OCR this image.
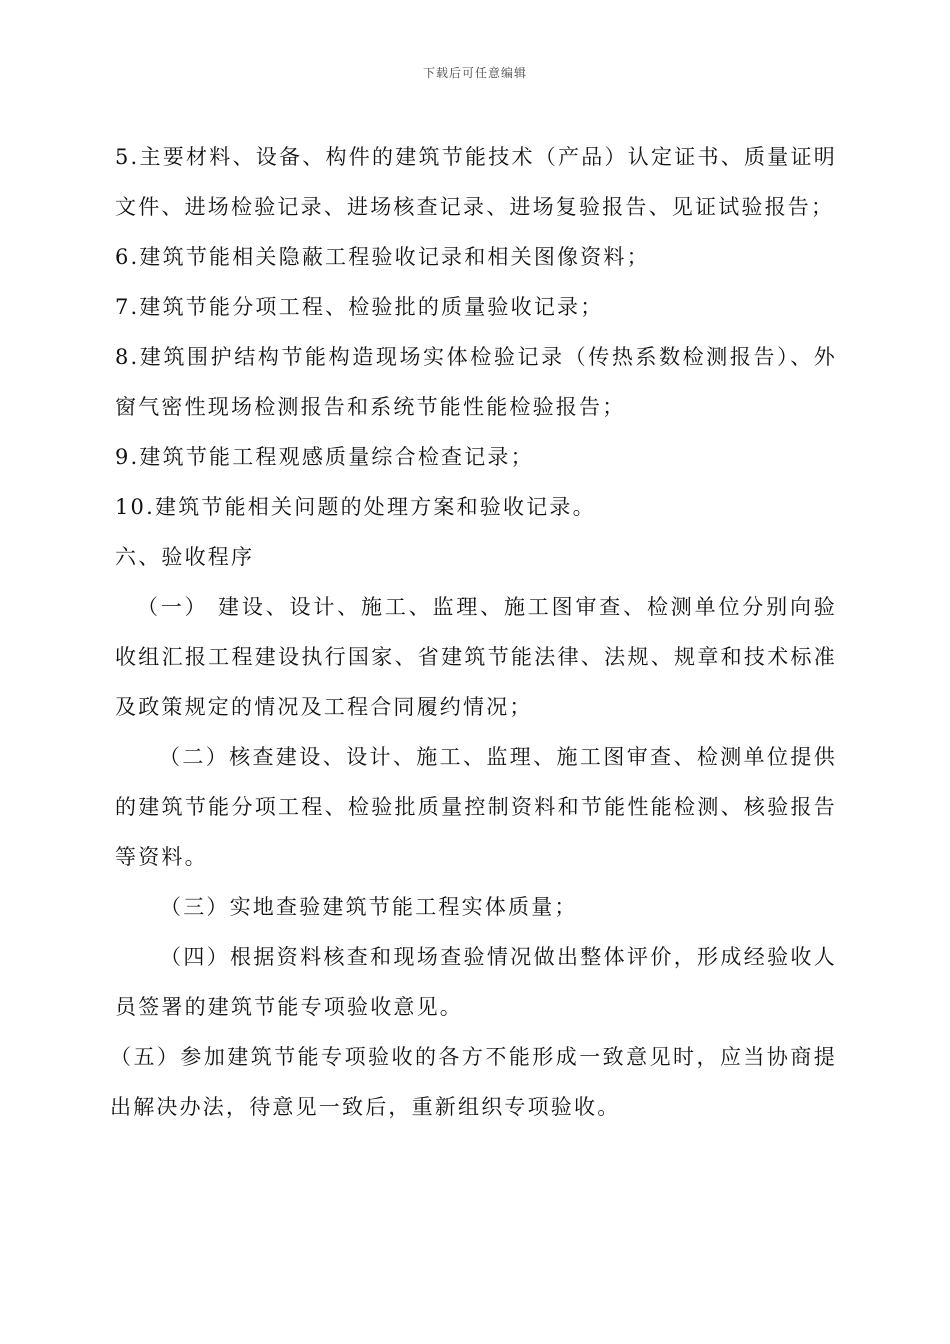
下载后可任意编辑

5.主要材料、设备、构件的建筑节能技术（产品）认定证书、质量证明文件、进场检验记录、进场核查记录、进场复验报告、见证试验报告；

6.建筑节能相关隐蔽工程验收记录和相关图像资料；

7.建筑节能分项工程、检验批的质量验收记录；

8.建筑围护结构节能构造现场实体检验记录（传热系数检测报告）、外窗气密性现场检测报告和系统节能性能检验报告；

9.建筑节能工程观感质量综合检查记录；

10.建筑节能相关问题的处理方案和验收记录。

六、验收程序

（一） 建设、设计、施工、监理、施工图审查、检测单位分别向验收组汇报工程建设执行国家、省建筑节能法律、法规、规章和技术标准及政策规定的情况及工程合同履约情况；

（二）核查建设、设计、施工、监理、施工图审查、检测单位提供的建筑节能分项工程、检验批质量控制资料和节能性能检测、核验报告等资料。

（三）实地查验建筑节能工程实体质量；

（四）根据资料核查和现场查验情况做出整体评价，形成经验收人员签署的建筑节能专项验收意见。

（五）参加建筑节能专项验收的各方不能形成一致意见时，应当协商提出解决办法，待意见一致后，重新组织专项验收。
